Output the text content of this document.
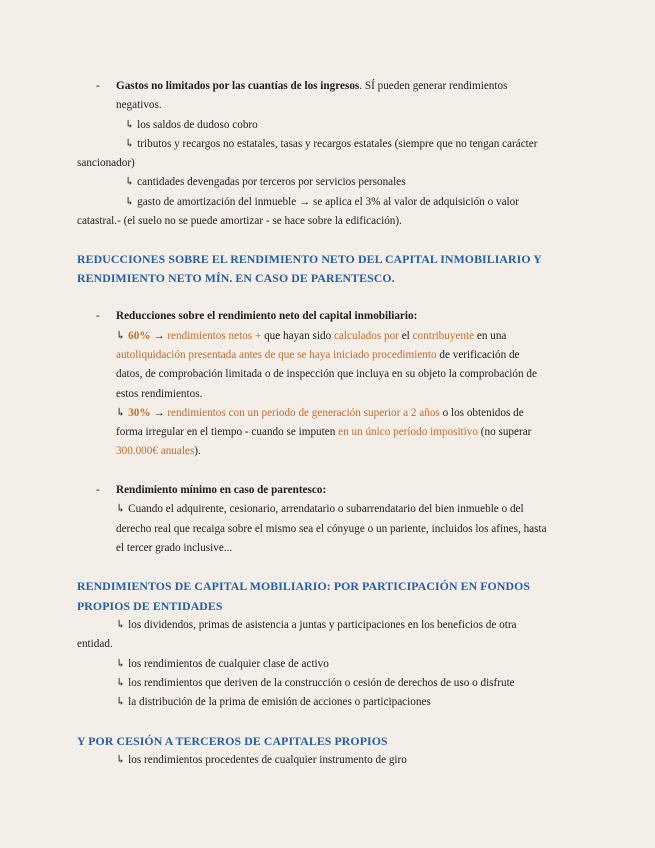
- Gastos no limitados por las cuantías de los ingresos. SÍ pueden generar rendimientos
negativos.
↳ los saldos de dudoso cobro
↳ tributos y recargos no estatales, tasas y recargos estatales (siempre que no tengan carácter
sancionador)
↳ cantidades devengadas por terceros por servicios personales
↳ gasto de amortización del inmueble → se aplica el 3% al valor de adquisición o valor
catastral.- (el suelo no se puede amortizar - se hace sobre la edificación).
REDUCCIONES SOBRE EL RENDIMIENTO NETO DEL CAPITAL INMOBILIARIO Y
RENDIMIENTO NETO MÍN. EN CASO DE PARENTESCO.
- Reducciones sobre el rendimiento neto del capital inmobiliario:
↳ 60% → rendimientos netos + que hayan sido calculados por el contribuyente en una
autoliquidación presentada antes de que se haya iniciado procedimiento de verificación de
datos, de comprobación limitada o de inspección que incluya en su objeto la comprobación de
estos rendimientos.
↳ 30% → rendimientos con un periodo de generación superior a 2 años o los obtenidos de
forma irregular en el tiempo - cuando se imputen en un único período impositivo (no superar
300.000€ anuales).
- Rendimiento mínimo en caso de parentesco:
↳ Cuando el adquirente, cesionario, arrendatario o subarrendatario del bien inmueble o del
derecho real que recaiga sobre el mismo sea el cónyuge o un pariente, incluidos los afines, hasta
el tercer grado inclusive...
RENDIMIENTOS DE CAPITAL MOBILIARIO: POR PARTICIPACIÓN EN FONDOS
PROPIOS DE ENTIDADES
↳ los dividendos, primas de asistencia a juntas y participaciones en los beneficios de otra
entidad.
↳ los rendimientos de cualquier clase de activo
↳ los rendimientos que deriven de la construcción o cesión de derechos de uso o disfrute
↳ la distribución de la prima de emisión de acciones o participaciones
Y POR CESIÓN A TERCEROS DE CAPITALES PROPIOS
↳ los rendimientos procedentes de cualquier instrumento de giro
